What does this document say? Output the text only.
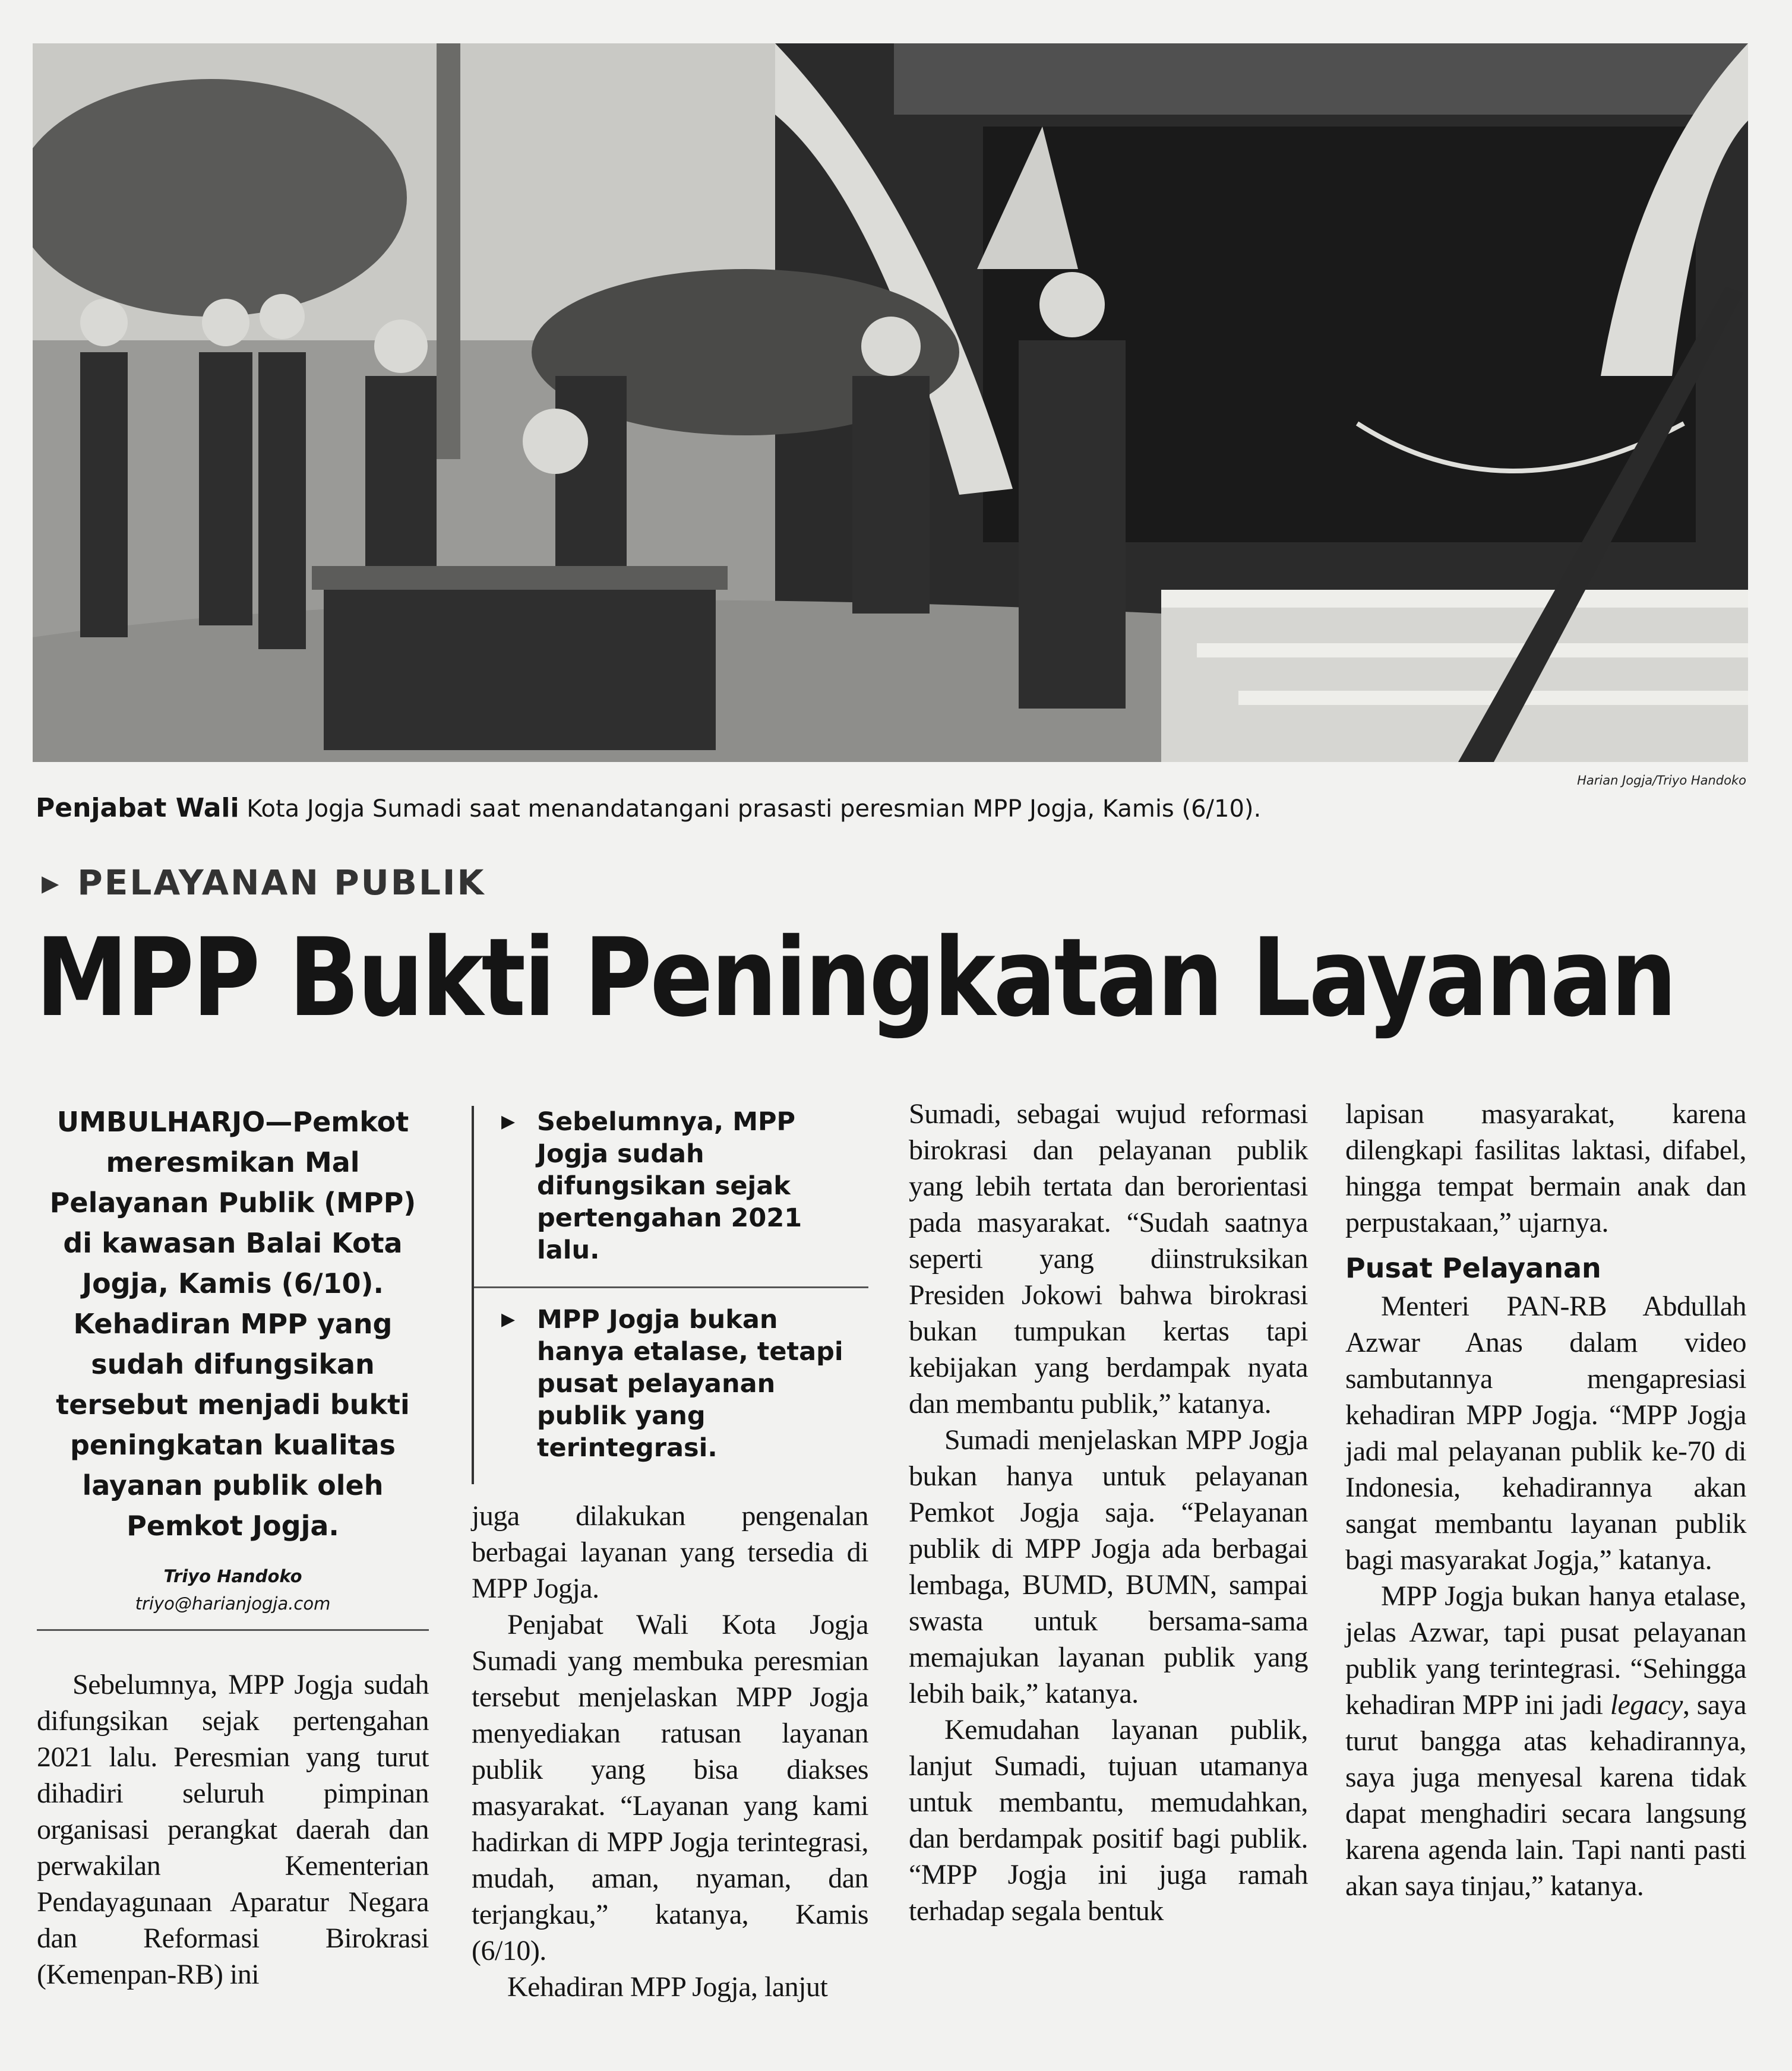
Harian Jogja/Triyo Handoko
Penjabat Wali Kota Jogja Sumadi saat menandatangani prasasti peresmian MPP Jogja, Kamis (6/10).
▶ PELAYANAN PUBLIK
MPP Bukti Peningkatan Layanan

UMBULHARJO—Pemkot meresmikan Mal Pelayanan Publik (MPP) di kawasan Balai Kota Jogja, Kamis (6/10). Kehadiran MPP yang sudah difungsikan tersebut menjadi bukti peningkatan kualitas layanan publik oleh Pemkot Jogja.

Triyo Handoko
triyo@harianjogja.com

Sebelumnya, MPP Jogja sudah difungsikan sejak pertengahan 2021 lalu. Peresmian yang turut dihadiri seluruh pimpinan organisasi perangkat daerah dan perwakilan Kementerian Pendayagunaan Aparatur Negara dan Reformasi Birokrasi (Kemenpan-RB) ini

▶ Sebelumnya, MPP Jogja sudah difungsikan sejak pertengahan 2021 lalu.
▶ MPP Jogja bukan hanya etalase, tetapi pusat pelayanan publik yang terintegrasi.

juga dilakukan pengenalan berbagai layanan yang tersedia di MPP Jogja.

Penjabat Wali Kota Jogja Sumadi yang membuka peresmian tersebut menjelaskan MPP Jogja menyediakan ratusan layanan publik yang bisa diakses masyarakat. “Layanan yang kami hadirkan di MPP Jogja terintegrasi, mudah, aman, nyaman, dan terjangkau,” katanya, Kamis (6/10).

Kehadiran MPP Jogja, lanjut

Sumadi, sebagai wujud reformasi birokrasi dan pelayanan publik yang lebih tertata dan berorientasi pada masyarakat. “Sudah saatnya seperti yang diinstruksikan Presiden Jokowi bahwa birokrasi bukan tumpukan kertas tapi kebijakan yang berdampak nyata dan membantu publik,” katanya.

Sumadi menjelaskan MPP Jogja bukan hanya untuk pelayanan Pemkot Jogja saja. “Pelayanan publik di MPP Jogja ada berbagai lembaga, BUMD, BUMN, sampai swasta untuk bersama-sama memajukan layanan publik yang lebih baik,” katanya.

Kemudahan layanan publik, lanjut Sumadi, tujuan utamanya untuk membantu, memudahkan, dan berdampak positif bagi publik. “MPP Jogja ini juga ramah terhadap segala bentuk

lapisan masyarakat, karena dilengkapi fasilitas laktasi, difabel, hingga tempat bermain anak dan perpustakaan,” ujarnya.

Pusat Pelayanan

Menteri PAN-RB Abdullah Azwar Anas dalam video sambutannya mengapresiasi kehadiran MPP Jogja. “MPP Jogja jadi mal pelayanan publik ke-70 di Indonesia, kehadirannya akan sangat membantu layanan publik bagi masyarakat Jogja,” katanya.

MPP Jogja bukan hanya etalase, jelas Azwar, tapi pusat pelayanan publik yang terintegrasi. “Sehingga kehadiran MPP ini jadi legacy, saya turut bangga atas kehadirannya, saya juga menyesal karena tidak dapat menghadiri secara langsung karena agenda lain. Tapi nanti pasti akan saya tinjau,” katanya.
